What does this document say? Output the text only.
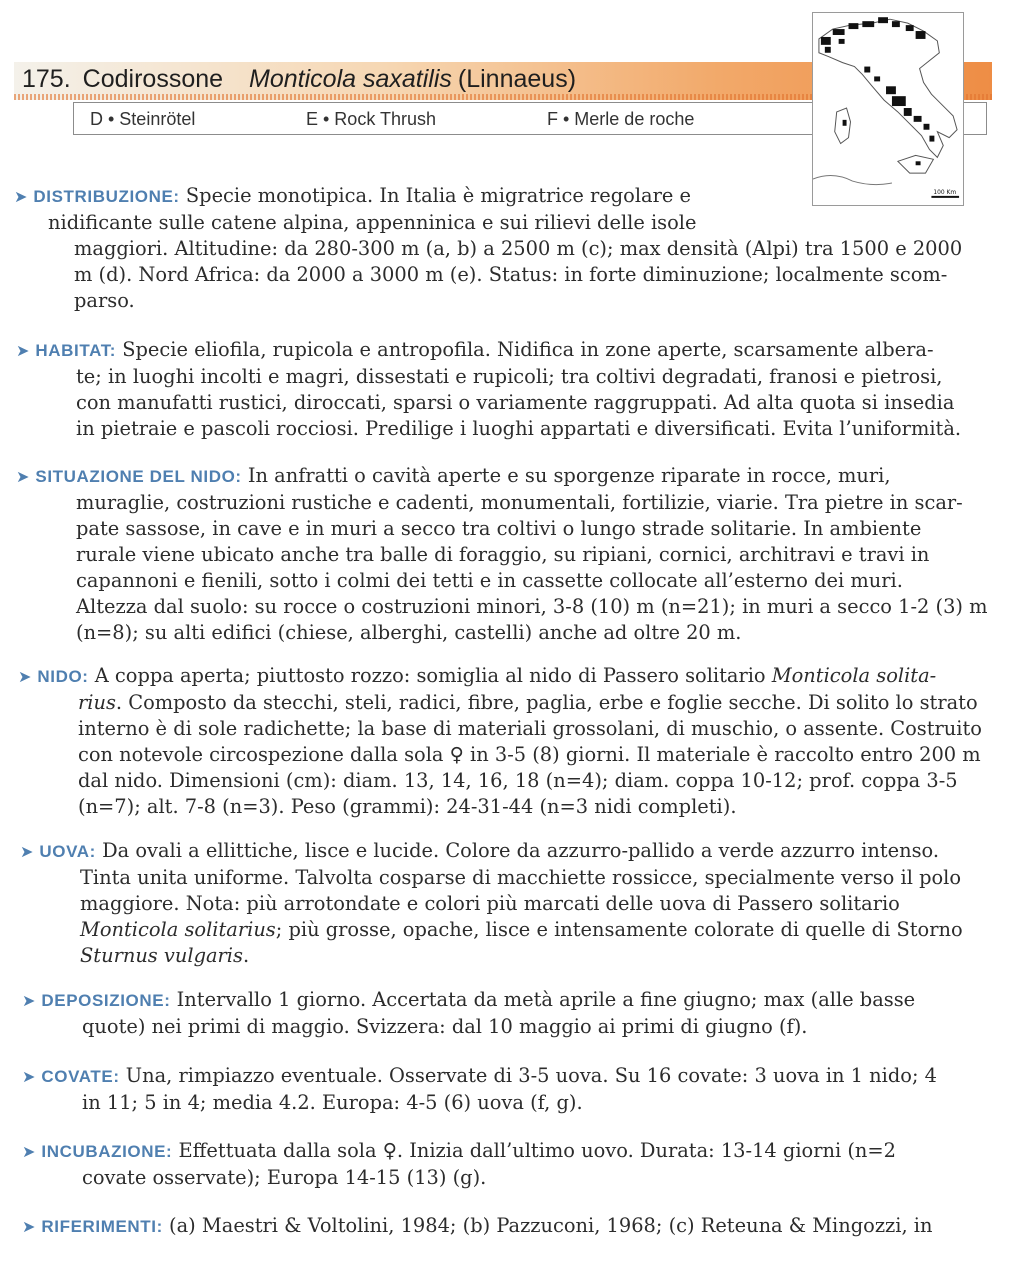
175. Codirossone Monticola saxatilis (Linnaeus)
D • Steinrötel	E • Rock Thrush	F • Merle de roche
100 Km
➤ DISTRIBUZIONE: Specie monotipica. In Italia è migratrice regolare e
nidificante sulle catene alpina, appenninica e sui rilievi delle isole
maggiori. Altitudine: da 280-300 m (a, b) a 2500 m (c); max densità (Alpi) tra 1500 e 2000
m (d). Nord Africa: da 2000 a 3000 m (e). Status: in forte diminuzione; localmente scom-
parso.
➤ HABITAT: Specie eliofila, rupicola e antropofila. Nidifica in zone aperte, scarsamente albera-
te; in luoghi incolti e magri, dissestati e rupicoli; tra coltivi degradati, franosi e pietrosi,
con manufatti rustici, diroccati, sparsi o variamente raggruppati. Ad alta quota si insedia
in pietraie e pascoli rocciosi. Predilige i luoghi appartati e diversificati. Evita l’uniformità.
➤ SITUAZIONE DEL NIDO: In anfratti o cavità aperte e su sporgenze riparate in rocce, muri,
muraglie, costruzioni rustiche e cadenti, monumentali, fortilizie, viarie. Tra pietre in scar-
pate sassose, in cave e in muri a secco tra coltivi o lungo strade solitarie. In ambiente
rurale viene ubicato anche tra balle di foraggio, su ripiani, cornici, architravi e travi in
capannoni e fienili, sotto i colmi dei tetti e in cassette collocate all’esterno dei muri.
Altezza dal suolo: su rocce o costruzioni minori, 3-8 (10) m (n=21); in muri a secco 1-2 (3) m
(n=8); su alti edifici (chiese, alberghi, castelli) anche ad oltre 20 m.
➤ NIDO: A coppa aperta; piuttosto rozzo: somiglia al nido di Passero solitario Monticola solita-
rius. Composto da stecchi, steli, radici, fibre, paglia, erbe e foglie secche. Di solito lo strato
interno è di sole radichette; la base di materiali grossolani, di muschio, o assente. Costruito
con notevole circospezione dalla sola ♀ in 3-5 (8) giorni. Il materiale è raccolto entro 200 m
dal nido. Dimensioni (cm): diam. 13, 14, 16, 18 (n=4); diam. coppa 10-12; prof. coppa 3-5
(n=7); alt. 7-8 (n=3). Peso (grammi): 24-31-44 (n=3 nidi completi).
➤ UOVA: Da ovali a ellittiche, lisce e lucide. Colore da azzurro-pallido a verde azzurro intenso.
Tinta unita uniforme. Talvolta cosparse di macchiette rossicce, specialmente verso il polo
maggiore. Nota: più arrotondate e colori più marcati delle uova di Passero solitario
Monticola solitarius; più grosse, opache, lisce e intensamente colorate di quelle di Storno
Sturnus vulgaris.
➤ DEPOSIZIONE: Intervallo 1 giorno. Accertata da metà aprile a fine giugno; max (alle basse
quote) nei primi di maggio. Svizzera: dal 10 maggio ai primi di giugno (f).
➤ COVATE: Una, rimpiazzo eventuale. Osservate di 3-5 uova. Su 16 covate: 3 uova in 1 nido; 4
in 11; 5 in 4; media 4.2. Europa: 4-5 (6) uova (f, g).
➤ INCUBAZIONE: Effettuata dalla sola ♀. Inizia dall’ultimo uovo. Durata: 13-14 giorni (n=2
covate osservate); Europa 14-15 (13) (g).
➤ RIFERIMENTI: (a) Maestri & Voltolini, 1984; (b) Pazzuconi, 1968; (c) Reteuna & Mingozzi, in
